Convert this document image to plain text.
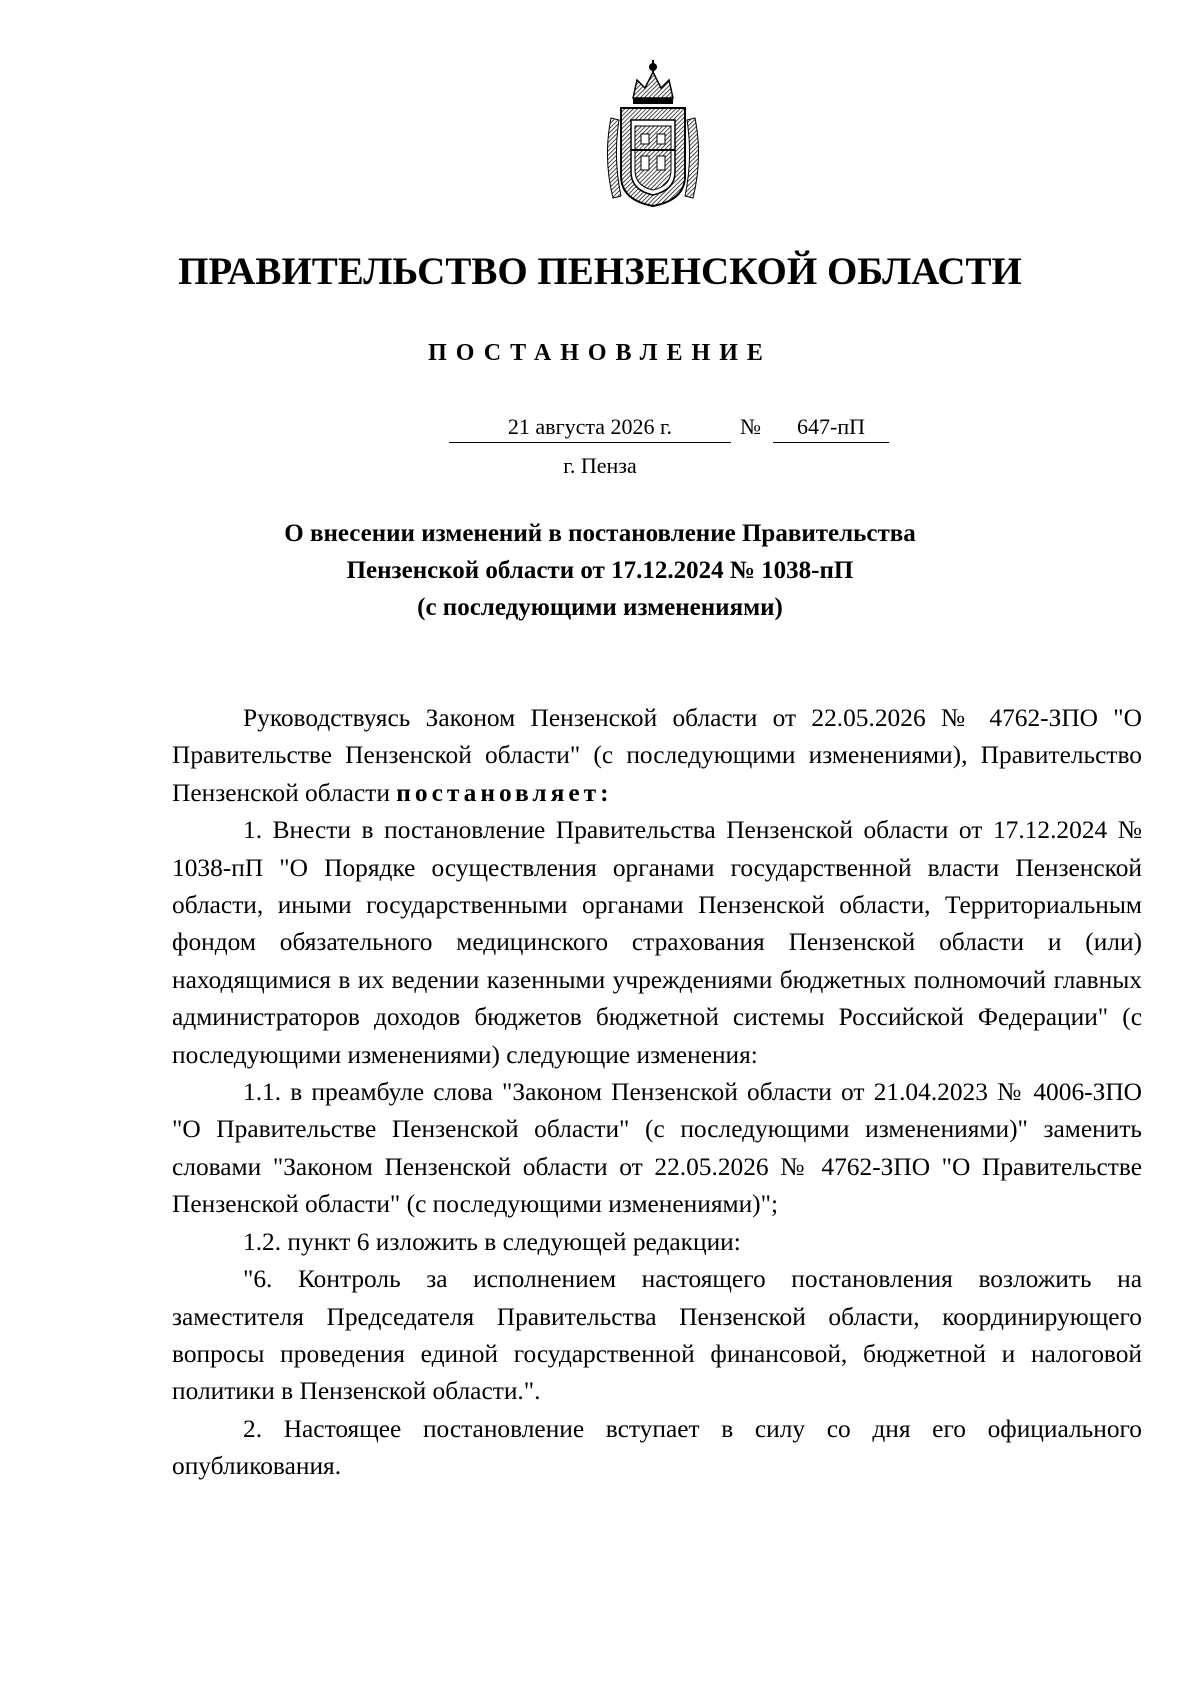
ПРАВИТЕЛЬСТВО ПЕНЗЕНСКОЙ ОБЛАСТИ
ПОСТАНОВЛЕНИЕ
21 августа 2026 г.	№	647-пП
г. Пенза
О внесении изменений в постановление Правительства
Пензенской области от 17.12.2024 № 1038-пП
(с последующими изменениями)

Руководствуясь Законом Пензенской области от 22.05.2026 № 4762-ЗПО "О Правительстве Пензенской области" (с последующими изменениями), Правительство Пензенской области постановляет:

1. Внести в постановление Правительства Пензенской области от 17.12.2024 № 1038-пП "О Порядке осуществления органами государственной власти Пензенской области, иными государственными органами Пензенской области, Территориальным фондом обязательного медицинского страхования Пензенской области и (или) находящимися в их ведении казенными учреждениями бюджетных полномочий главных администраторов доходов бюджетов бюджетной системы Российской Федерации" (с последующими изменениями) следующие изменения:

1.1. в преамбуле слова "Законом Пензенской области от 21.04.2023 № 4006-ЗПО "О Правительстве Пензенской области" (с последующими изменениями)" заменить словами "Законом Пензенской области от 22.05.2026 № 4762-ЗПО "О Правительстве Пензенской области" (с последующими изменениями)";

1.2. пункт 6 изложить в следующей редакции:

"6. Контроль за исполнением настоящего постановления возложить на заместителя Председателя Правительства Пензенской области, координирующего вопросы проведения единой государственной финансовой, бюджетной и налоговой политики в Пензенской области.".

2. Настоящее постановление вступает в силу со дня его официального опубликования.
